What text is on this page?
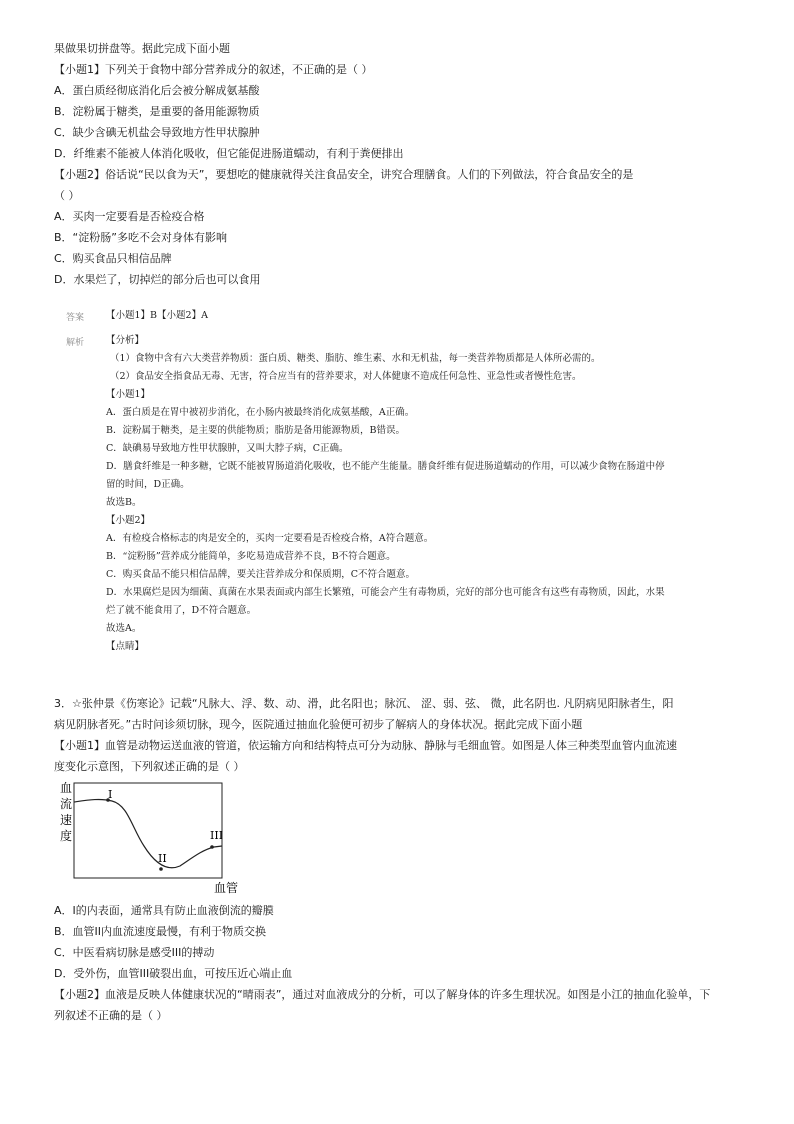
果做果切拼盘等。据此完成下面小题
【小题1】下列关于食物中部分营养成分的叙述，不正确的是（ ）
A．蛋白质经彻底消化后会被分解成氨基酸
B．淀粉属于糖类，是重要的备用能源物质
C．缺少含碘无机盐会导致地方性甲状腺肿
D．纤维素不能被人体消化吸收，但它能促进肠道蠕动，有利于粪便排出
【小题2】俗话说“民以食为天”，要想吃的健康就得关注食品安全，讲究合理膳食。人们的下列做法，符合食品安全的是
（ ）
A．买肉一定要看是否检疫合格
B．“淀粉肠”多吃不会对身体有影响
C．购买食品只相信品牌
D．水果烂了，切掉烂的部分后也可以食用
答案 【小题1】B【小题2】A
解析 【分析】
（1）食物中含有六大类营养物质：蛋白质、糖类、脂肪、维生素、水和无机盐，每一类营养物质都是人体所必需的。
（2）食品安全指食品无毒、无害，符合应当有的营养要求，对人体健康不造成任何急性、亚急性或者慢性危害。
【小题1】
A．蛋白质是在胃中被初步消化，在小肠内被最终消化成氨基酸，A正确。
B．淀粉属于糖类，是主要的供能物质；脂肪是备用能源物质，B错误。
C．缺碘易导致地方性甲状腺肿，又叫大脖子病，C正确。
D．膳食纤维是一种多糖，它既不能被胃肠道消化吸收，也不能产生能量。膳食纤维有促进肠道蠕动的作用，可以减少食物在肠道中停
留的时间，D正确。
故选B。
【小题2】
A．有检疫合格标志的肉是安全的，买肉一定要看是否检疫合格，A符合题意。
B．“淀粉肠”营养成分能简单，多吃易造成营养不良，B不符合题意。
C．购买食品不能只相信品牌，要关注营养成分和保质期，C不符合题意。
D．水果腐烂是因为细菌、真菌在水果表面或内部生长繁殖，可能会产生有毒物质，完好的部分也可能含有这些有毒物质，因此，水果
烂了就不能食用了，D不符合题意。
故选A。
【点睛】
3．☆张仲景《伤寒论》记载“凡脉大、浮、数、动、滑，此名阳也；脉沉、 涩、弱、弦、 微，此名阴也. 凡阴病见阳脉者生，阳
病见阴脉者死。”古时问诊须切脉，现今，医院通过抽血化验便可初步了解病人的身体状况。据此完成下面小题
【小题1】血管是动物运送血液的管道，依运输方向和结构特点可分为动脉、静脉与毛细血管。如图是人体三种类型血管内血流速
度变化示意图，下列叙述正确的是（ ）
血
流
速
度
I
II
III
血管
A．I的内表面，通常具有防止血液倒流的瓣膜
B．血管II内血流速度最慢，有利于物质交换
C．中医看病切脉是感受III的搏动
D．受外伤，血管III破裂出血，可按压近心端止血
【小题2】血液是反映人体健康状况的“晴雨表”，通过对血液成分的分析，可以了解身体的许多生理状况。如图是小江的抽血化验单，下
列叙述不正确的是（ ）
